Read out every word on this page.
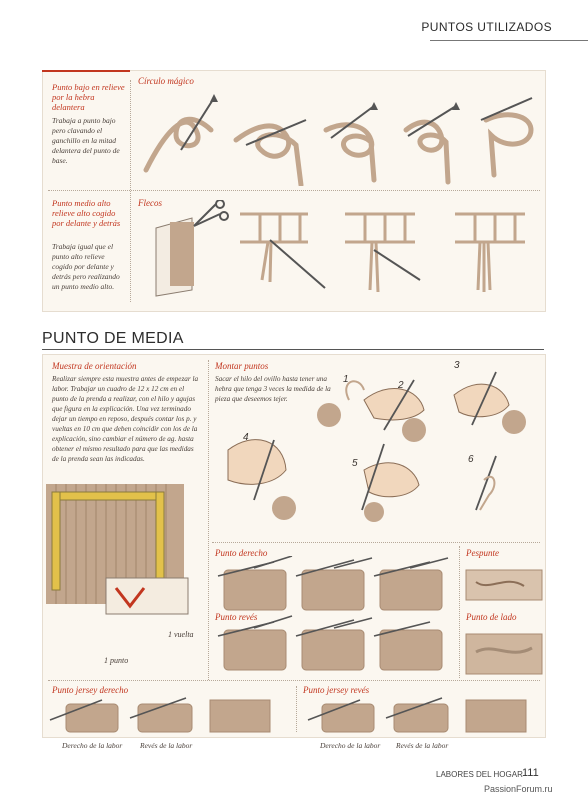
PUNTOS UTILIZADOS
Punto bajo en relieve por la hebra delantera
Trabaja a punto bajo pero clavando el ganchillo en la mitad delantera del punto de base.
Punto medio alto relieve alto cogido por delante y detrás
Trabaja igual que el punto alto relieve cogido por delante y detrás pero realizando un punto medio alto.
Círculo mágico
Flecos
PUNTO DE MEDIA
Muestra de orientación
Realizar siempre esta muestra antes de empezar la labor. Trabajar un cuadro de 12 x 12 cm en el punto de la prenda a realizar, con el hilo y agujas que figura en la explicación. Una vez terminado dejar un tiempo en reposo, después contar los p. y vueltas en 10 cm que deben coincidir con los de la explicación, sino cambiar el número de ag. hasta obtener el mismo resultado para que las medidas de la prenda sean las indicadas.
1 vuelta
1 punto
Montar puntos
Sacar el hilo del ovillo hasta tener una hebra que tenga 3 veces la medida de la pieza que deseemos tejer.
1
2
3
4
5	6
Punto derecho
Punto revés
Pespunte
Punto de lado
Punto jersey derecho	Punto jersey revés
Derecho de la labor Revés de la labor	Derecho de la labor Revés de la labor
LABORES DEL HOGAR 111
PassionForum.ru
